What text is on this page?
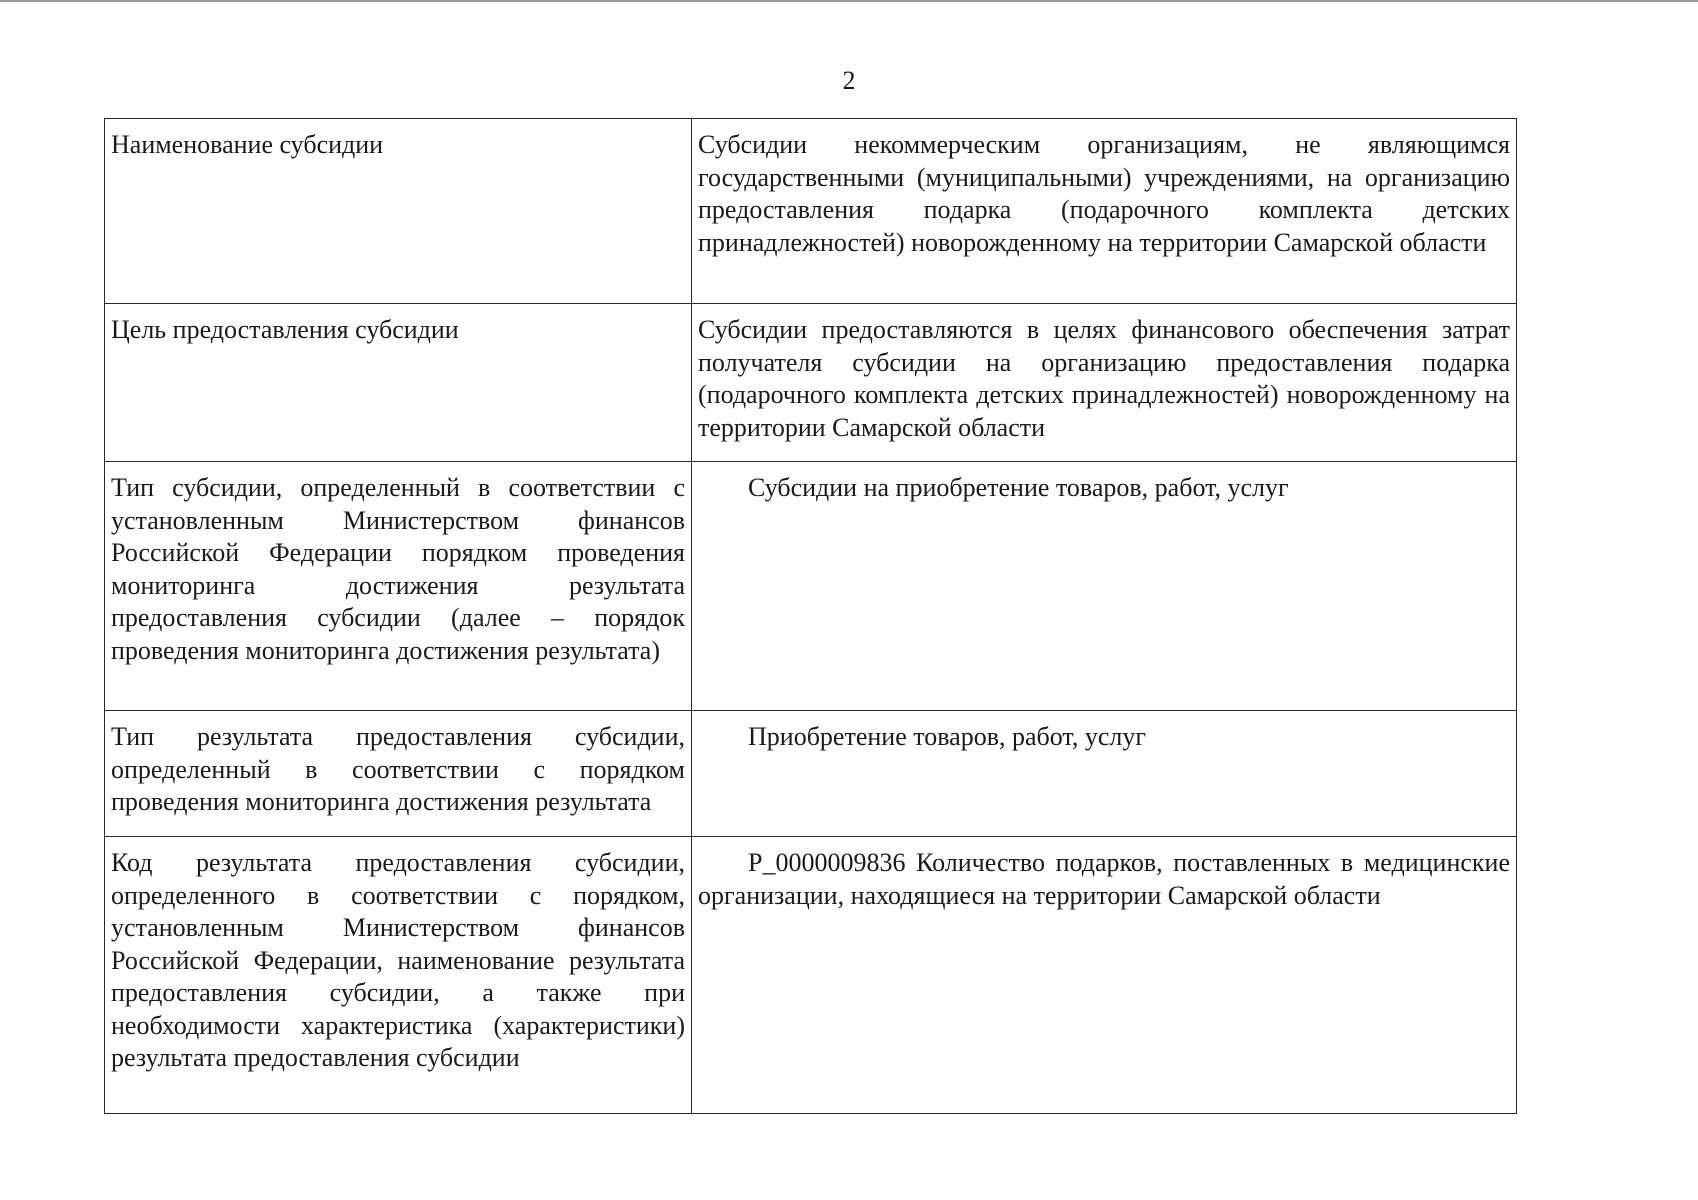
2
Наименование субсидии	Субсидии некоммерческим организациям, не являющимся государственными (муниципальными) учреждениями, на организацию предоставления подарка (подарочного комплекта детских принадлежностей) новорожденному на территории Самарской области
Цель предоставления субсидии	Субсидии предоставляются в целях финансового обеспечения затрат получателя субсидии на организацию предоставления подарка (подарочного комплекта детских принадлежностей) новорожденному на территории Самарской области
Тип субсидии, определенный в соответствии с установленным Министерством финансов Российской Федерации порядком проведения мониторинга достижения результата предоставления субсидии (далее – порядок проведения мониторинга достижения результата)	Субсидии на приобретение товаров, работ, услуг
Тип результата предоставления субсидии, определенный в соответствии с порядком проведения мониторинга достижения результата	Приобретение товаров, работ, услуг
Код результата предоставления субсидии, определенного в соответствии с порядком, установленным Министерством финансов Российской Федерации, наименование результата предоставления субсидии, а также при необходимости характеристика (характеристики) результата предоставления субсидии	P_0000009836 Количество подарков, поставленных в медицинские организации, находящиеся на территории Самарской области
